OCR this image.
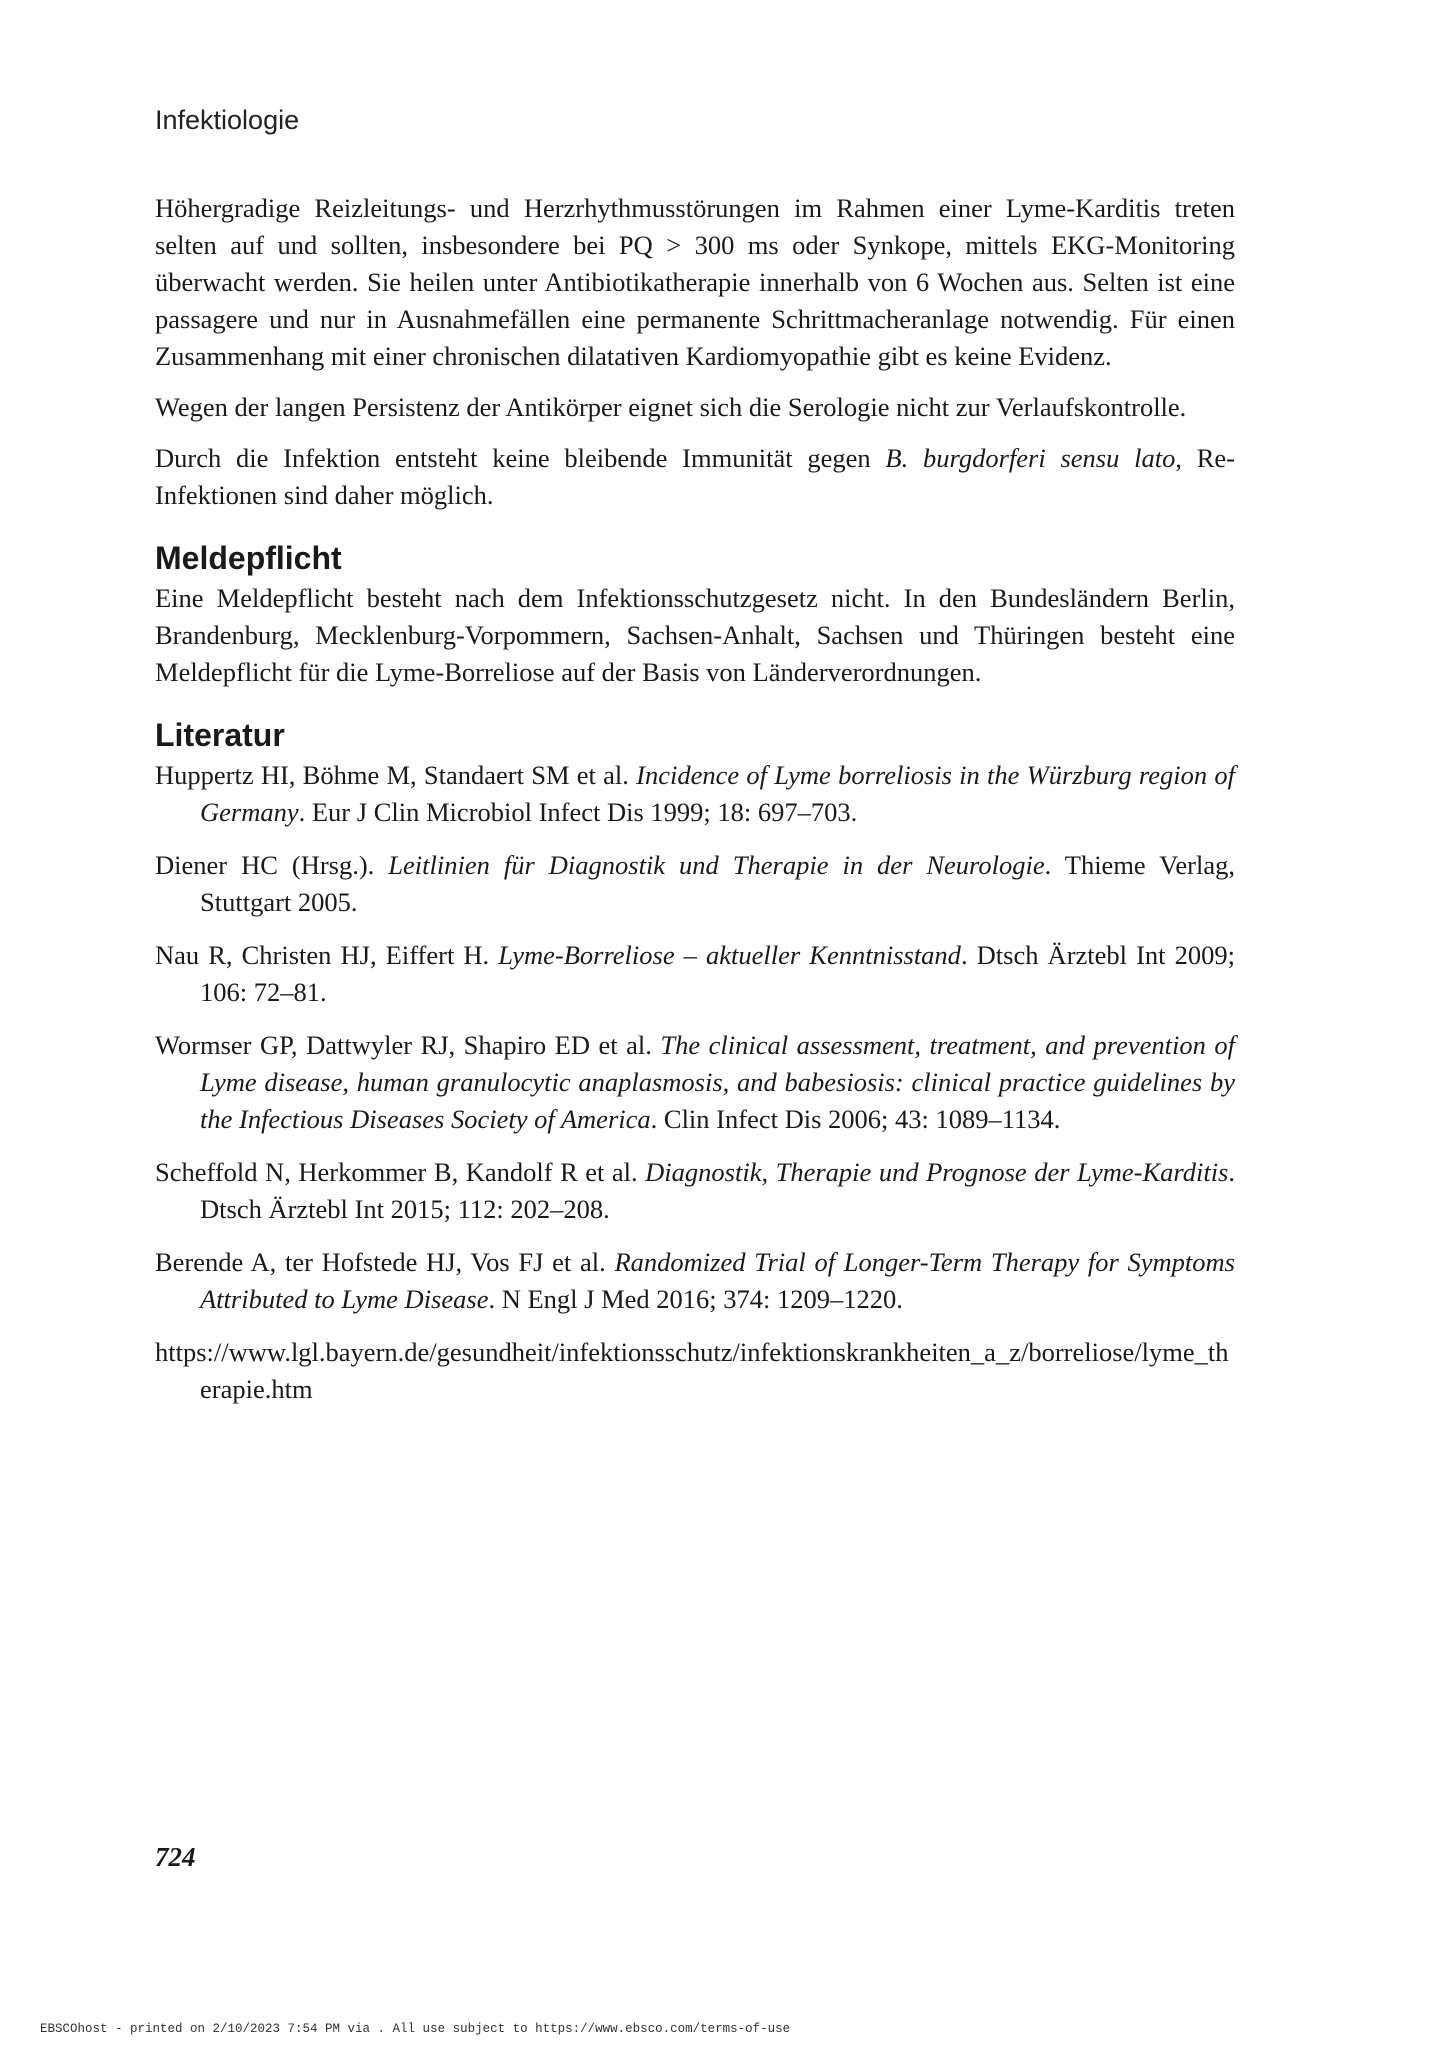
Infektiologie

Höhergradige Reizleitungs- und Herzrhythmusstörungen im Rahmen einer Lyme-Karditis treten selten auf und sollten, insbesondere bei PQ > 300 ms oder Synkope, mittels EKG-Monitoring überwacht werden. Sie heilen unter Antibiotikatherapie innerhalb von 6 Wochen aus. Selten ist eine passagere und nur in Ausnahmefällen eine permanente Schrittmacheranlage notwendig. Für einen Zusammenhang mit einer chronischen dilatativen Kardiomyopathie gibt es keine Evidenz.

Wegen der langen Persistenz der Antikörper eignet sich die Serologie nicht zur Verlaufskontrolle.

Durch die Infektion entsteht keine bleibende Immunität gegen B. burgdorferi sensu lato, Re-Infektionen sind daher möglich.

Meldepflicht

Eine Meldepflicht besteht nach dem Infektionsschutzgesetz nicht. In den Bundesländern Berlin, Brandenburg, Mecklenburg-Vorpommern, Sachsen-Anhalt, Sachsen und Thüringen besteht eine Meldepflicht für die Lyme-Borreliose auf der Basis von Länderverordnungen.

Literatur
Huppertz HI, Böhme M, Standaert SM et al. Incidence of Lyme borreliosis in the Würzburg region of Germany. Eur J Clin Microbiol Infect Dis 1999; 18: 697–703.
Diener HC (Hrsg.). Leitlinien für Diagnostik und Therapie in der Neurologie. Thieme Verlag, Stuttgart 2005.
Nau R, Christen HJ, Eiffert H. Lyme-Borreliose – aktueller Kenntnisstand. Dtsch Ärztebl Int 2009; 106: 72–81.
Wormser GP, Dattwyler RJ, Shapiro ED et al. The clinical assessment, treatment, and prevention of Lyme disease, human granulocytic anaplasmosis, and babesiosis: clinical practice guidelines by the Infectious Diseases Society of America. Clin Infect Dis 2006; 43: 1089–1134.
Scheffold N, Herkommer B, Kandolf R et al. Diagnostik, Therapie und Prognose der Lyme-Karditis. Dtsch Ärztebl Int 2015; 112: 202–208.
Berende A, ter Hofstede HJ, Vos FJ et al. Randomized Trial of Longer-Term Therapy for Symptoms Attributed to Lyme Disease. N Engl J Med 2016; 374: 1209–1220.
https://www.lgl.bayern.de/gesundheit/infektionsschutz/infektionskrankheiten_a_z/borreliose/lyme_therapie.htm
724
EBSCOhost - printed on 2/10/2023 7:54 PM via . All use subject to https://www.ebsco.com/terms-of-use
